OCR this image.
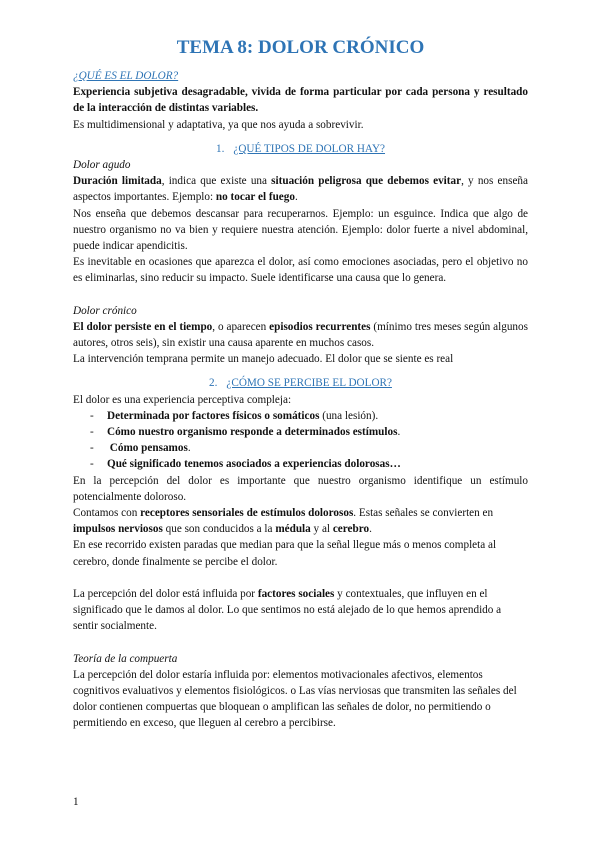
TEMA 8: DOLOR CRÓNICO

¿QUÉ ES EL DOLOR?

Experiencia subjetiva desagradable, vivida de forma particular por cada persona y resultado de la interacción de distintas variables.

Es multidimensional y adaptativa, ya que nos ayuda a sobrevivir.

1. ¿QUÉ TIPOS DE DOLOR HAY?

Dolor agudo

Duración limitada, indica que existe una situación peligrosa que debemos evitar, y nos enseña aspectos importantes. Ejemplo: no tocar el fuego.

Nos enseña que debemos descansar para recuperarnos. Ejemplo: un esguince. Indica que algo de nuestro organismo no va bien y requiere nuestra atención. Ejemplo: dolor fuerte a nivel abdominal, puede indicar apendicitis.

Es inevitable en ocasiones que aparezca el dolor, así como emociones asociadas, pero el objetivo no es eliminarlas, sino reducir su impacto. Suele identificarse una causa que lo genera.

Dolor crónico

El dolor persiste en el tiempo, o aparecen episodios recurrentes (mínimo tres meses según algunos autores, otros seis), sin existir una causa aparente en muchos casos.

La intervención temprana permite un manejo adecuado. El dolor que se siente es real

2. ¿CÓMO SE PERCIBE EL DOLOR?

El dolor es una experiencia perceptiva compleja:

- Determinada por factores físicos o somáticos (una lesión).
- Cómo nuestro organismo responde a determinados estímulos.
-  Cómo pensamos.
- Qué significado tenemos asociados a experiencias dolorosas…

En la percepción del dolor es importante que nuestro organismo identifique un estímulo potencialmente doloroso.

Contamos con receptores sensoriales de estímulos dolorosos. Estas señales se convierten en impulsos nerviosos que son conducidos a la médula y al cerebro.

En ese recorrido existen paradas que median para que la señal llegue más o menos completa al cerebro, donde finalmente se percibe el dolor.

La percepción del dolor está influida por factores sociales y contextuales, que influyen en el significado que le damos al dolor. Lo que sentimos no está alejado de lo que hemos aprendido a sentir socialmente.

Teoría de la compuerta

La percepción del dolor estaría influida por: elementos motivacionales afectivos, elementos cognitivos evaluativos y elementos fisiológicos. o Las vías nerviosas que transmiten las señales del dolor contienen compuertas que bloquean o amplifican las señales de dolor, no permitiendo o permitiendo en exceso, que lleguen al cerebro a percibirse.

1
